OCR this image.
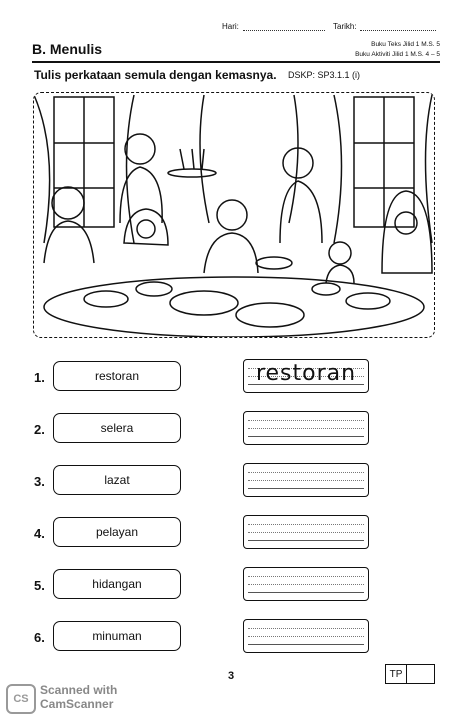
Hari:	Tarikh:
B. Menulis	Buku Teks Jilid 1 M.S. 5
Buku Aktiviti Jilid 1 M.S. 4 – 5
Tulis perkataan semula dengan kemasnya. DSKP: SP3.1.1 (i)
1.	restoran	restoran
2.	selera
3.	lazat
4.	pelayan
5.	hidangan
6.	minuman
3	TP
CS
Scanned with
CamScanner
